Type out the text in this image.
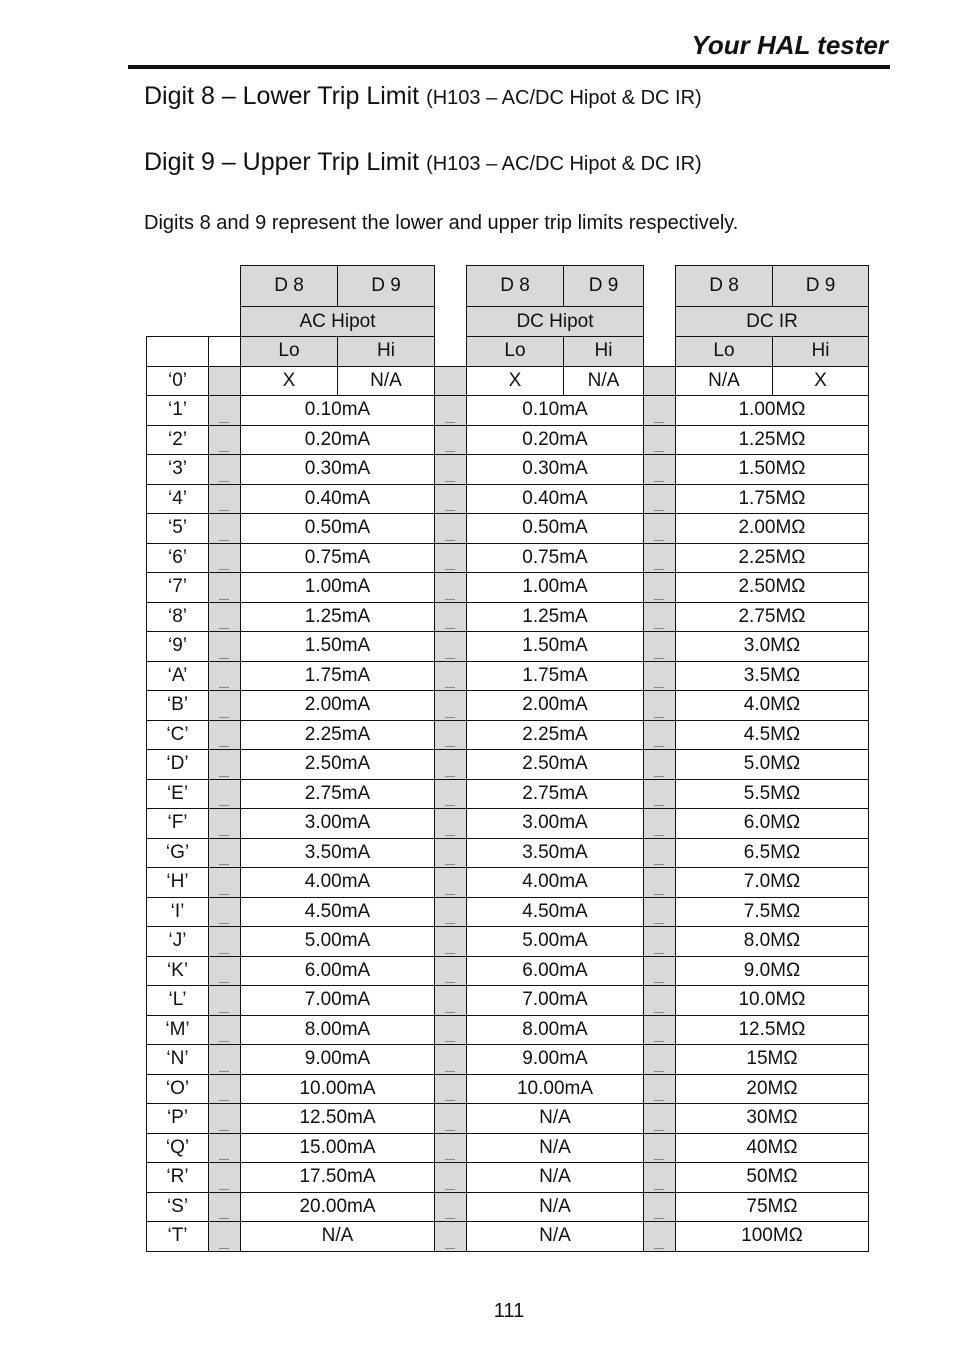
Your HAL tester
Digit 8 – Lower Trip Limit (H103 – AC/DC Hipot & DC IR)
Digit 9 – Upper Trip Limit (H103 – AC/DC Hipot & DC IR)
Digits 8 and 9 represent the lower and upper trip limits respectively.
		D 8	D 9		D 8	D 9		D 8	D 9
		AC Hipot			DC Hipot			DC IR	
		Lo	Hi		Lo	Hi		Lo	Hi
‘0’		X	N/A		X	N/A		N/A	X
‘1’		0.10mA			0.10mA			1.00MΩ	
‘2’		0.20mA			0.20mA			1.25MΩ	
‘3’		0.30mA			0.30mA			1.50MΩ	
‘4’		0.40mA			0.40mA			1.75MΩ	
‘5’		0.50mA			0.50mA			2.00MΩ	
‘6’		0.75mA			0.75mA			2.25MΩ	
‘7’		1.00mA			1.00mA			2.50MΩ	
‘8’		1.25mA			1.25mA			2.75MΩ	
‘9’		1.50mA			1.50mA			3.0MΩ	
‘A’		1.75mA			1.75mA			3.5MΩ	
‘B’		2.00mA			2.00mA			4.0MΩ	
‘C’		2.25mA			2.25mA			4.5MΩ	
‘D’		2.50mA			2.50mA			5.0MΩ	
‘E’		2.75mA			2.75mA			5.5MΩ	
‘F’		3.00mA			3.00mA			6.0MΩ	
‘G’		3.50mA			3.50mA			6.5MΩ	
‘H’		4.00mA			4.00mA			7.0MΩ	
‘I’		4.50mA			4.50mA			7.5MΩ	
‘J’		5.00mA			5.00mA			8.0MΩ	
‘K’		6.00mA			6.00mA			9.0MΩ	
‘L’		7.00mA			7.00mA			10.0MΩ	
‘M’		8.00mA			8.00mA			12.5MΩ	
‘N’		9.00mA			9.00mA			15MΩ	
‘O’		10.00mA			10.00mA			20MΩ	
‘P’		12.50mA			N/A			30MΩ	
‘Q’		15.00mA			N/A			40MΩ	
‘R’		17.50mA			N/A			50MΩ	
‘S’		20.00mA			N/A			75MΩ	
‘T’		N/A			N/A			100MΩ	
111
